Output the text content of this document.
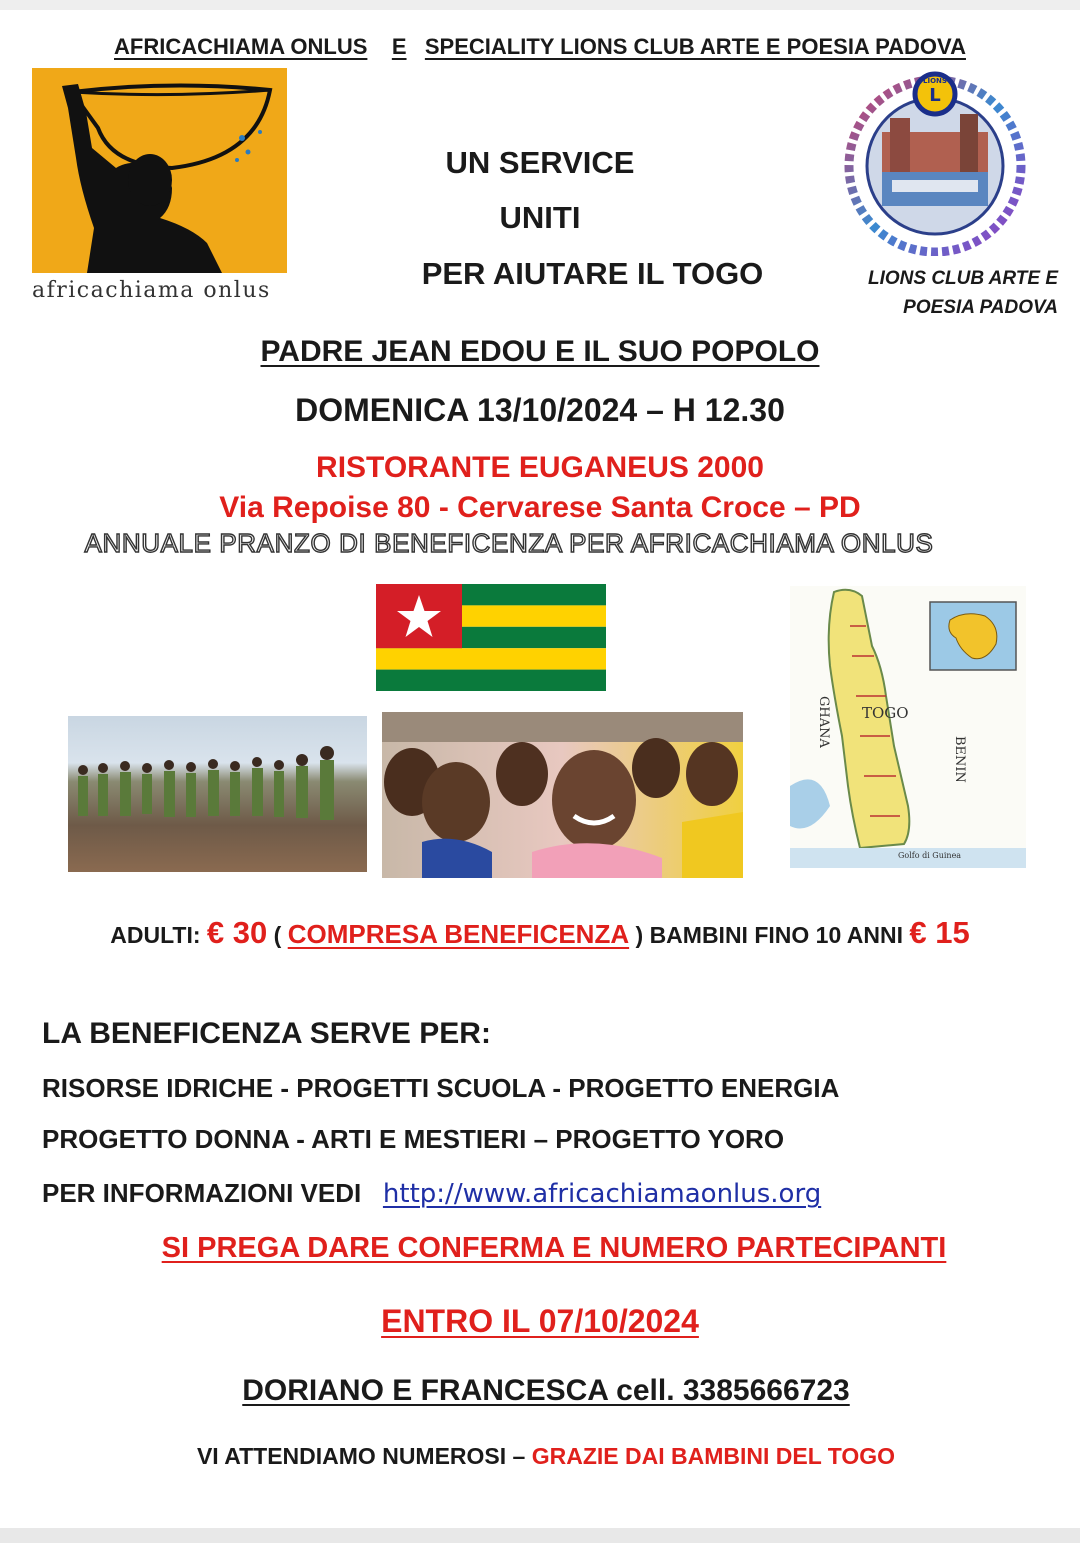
AFRICACHIAMA ONLUS E SPECIALITY LIONS CLUB ARTE E POESIA PADOVA
africachiama onlus
UN SERVICE
UNITI
PER AIUTARE IL TOGO
L
LIONS
LIONS CLUB ARTE E
POESIA PADOVA
PADRE JEAN EDOU E IL SUO POPOLO
DOMENICA 13/10/2024 – H 12.30
RISTORANTE EUGANEUS 2000
Via Repoise 80 - Cervarese Santa Croce – PD
ANNUALE PRANZO DI BENEFICENZA PER AFRICACHIAMA ONLUS
GHANA TOGO
BENIN
Golfo di Guinea
ADULTI: € 30 ( COMPRESA BENEFICENZA ) BAMBINI FINO 10 ANNI € 15
LA BENEFICENZA SERVE PER:
RISORSE IDRICHE - PROGETTI SCUOLA - PROGETTO ENERGIA
PROGETTO DONNA - ARTI E MESTIERI – PROGETTO YORO
PER INFORMAZIONI VEDI http://www.africachiamaonlus.org
SI PREGA DARE CONFERMA E NUMERO PARTECIPANTI
ENTRO IL 07/10/2024
DORIANO E FRANCESCA cell. 3385666723
VI ATTENDIAMO NUMEROSI – GRAZIE DAI BAMBINI DEL TOGO
